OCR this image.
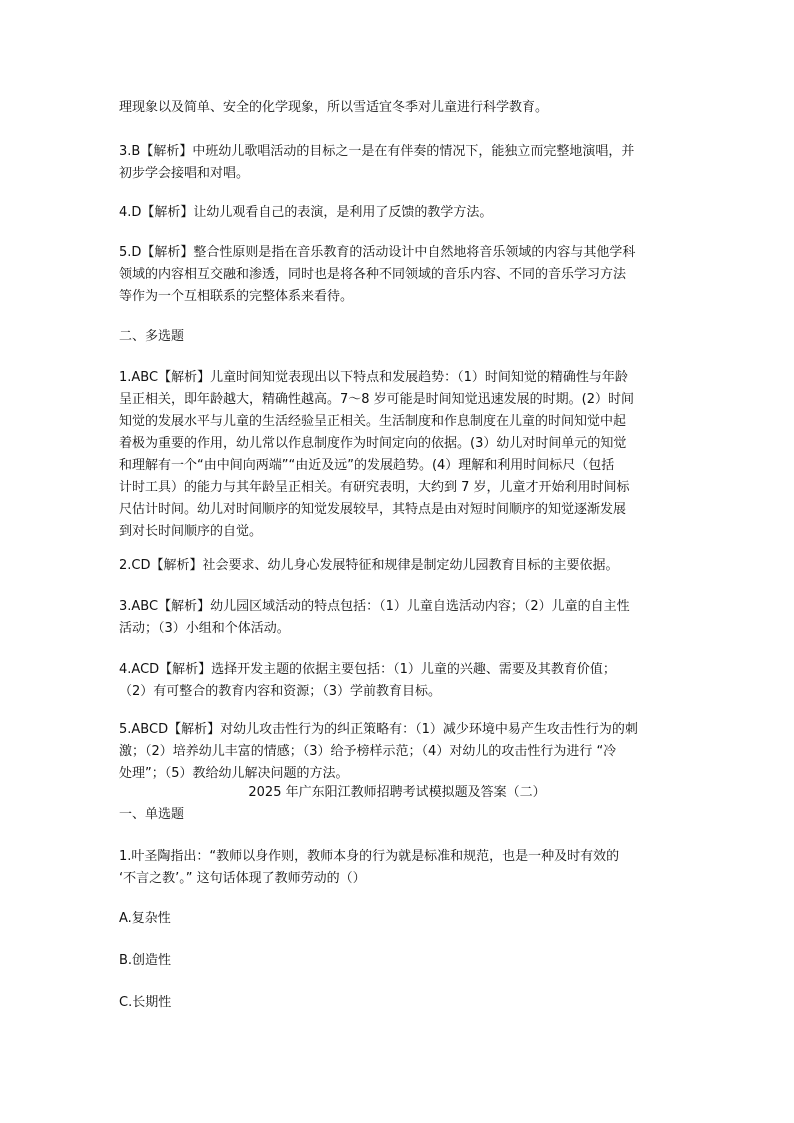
理现象以及简单、安全的化学现象，所以雪适宜冬季对儿童进行科学教育。

3.B【解析】中班幼儿歌唱活动的目标之一是在有伴奏的情况下，能独立而完整地演唱，并
初步学会接唱和对唱。

4.D【解析】让幼儿观看自己的表演，是利用了反馈的教学方法。

5.D【解析】整合性原则是指在音乐教育的活动设计中自然地将音乐领域的内容与其他学科
领域的内容相互交融和渗透，同时也是将各种不同领域的音乐内容、不同的音乐学习方法
等作为一个互相联系的完整体系来看待。

二、多选题

1.ABC【解析】儿童时间知觉表现出以下特点和发展趋势：（1）时间知觉的精确性与年龄
呈正相关，即年龄越大，精确性越高。7～8 岁可能是时间知觉迅速发展的时期。(2）时间
知觉的发展水平与儿童的生活经验呈正相关。生活制度和作息制度在儿童的时间知觉中起
着极为重要的作用，幼儿常以作息制度作为时间定向的依据。(3）幼儿对时间单元的知觉
和理解有一个“由中间向两端”“由近及远”的发展趋势。(4）理解和利用时间标尺（包括
计时工具）的能力与其年龄呈正相关。有研究表明，大约到 7 岁，儿童才开始利用时间标
尺估计时间。幼儿对时间顺序的知觉发展较早，其特点是由对短时间顺序的知觉逐渐发展
到对长时间顺序的自觉。

2.CD【解析】社会要求、幼儿身心发展特征和规律是制定幼儿园教育目标的主要依据。

3.ABC【解析】幼儿园区域活动的特点包括：（1）儿童自选活动内容；（2）儿童的自主性
活动；（3）小组和个体活动。

4.ACD【解析】选择开发主题的依据主要包括：（1）儿童的兴趣、需要及其教育价值；
（2）有可整合的教育内容和资源；（3）学前教育目标。

5.ABCD【解析】对幼儿攻击性行为的纠正策略有：（1）减少环境中易产生攻击性行为的刺
激；（2）培养幼儿丰富的情感；（3）给予榜样示范；（4）对幼儿的攻击性行为进行 “冷
处理”；（5）教给幼儿解决问题的方法。

2025 年广东阳江教师招聘考试模拟题及答案（二）

一、单选题

1.叶圣陶指出：“教师以身作则，教师本身的行为就是标准和规范，也是一种及时有效的
‘不言之教’。” 这句话体现了教师劳动的（）

A.复杂性

B.创造性

C.长期性
